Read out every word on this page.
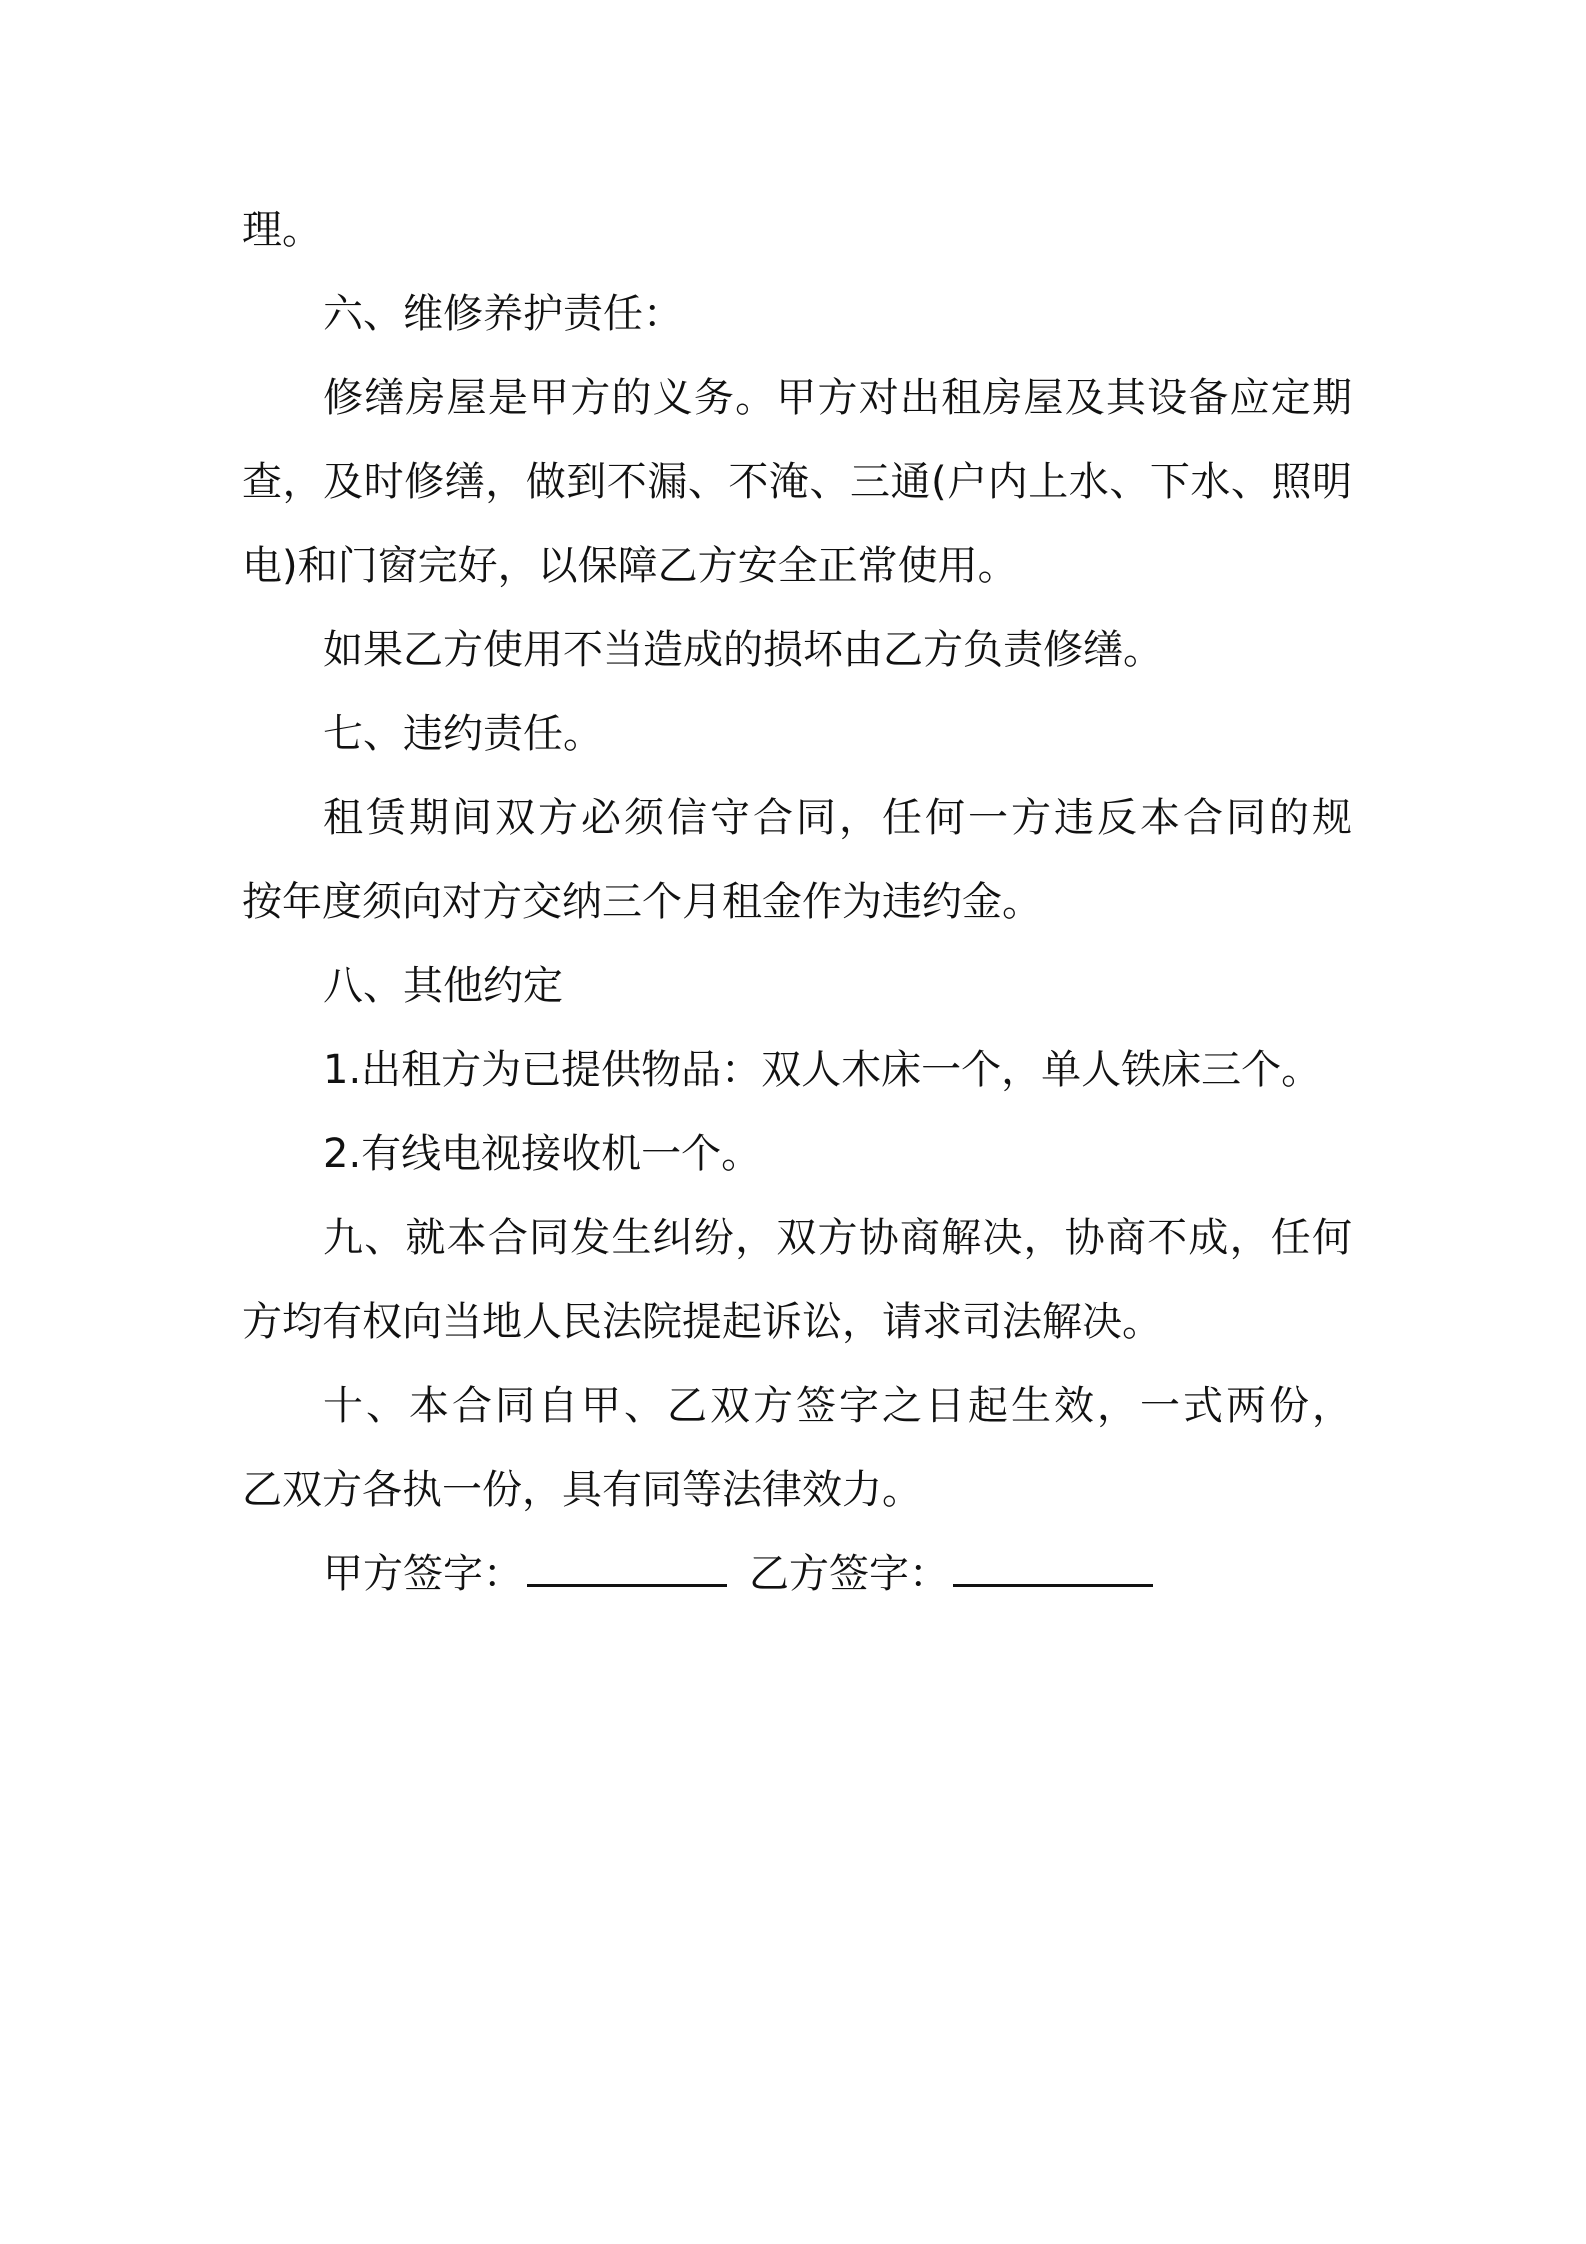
理。
六、维修养护责任：
修缮房屋是甲方的义务。甲方对出租房屋及其设备应定期
查，及时修缮，做到不漏、不淹、三通(户内上水、下水、照明
电)和门窗完好，以保障乙方安全正常使用。
如果乙方使用不当造成的损坏由乙方负责修缮。
七、违约责任。
租赁期间双方必须信守合同，任何一方违反本合同的规
按年度须向对方交纳三个月租金作为违约金。
八、其他约定
1.出租方为已提供物品：双人木床一个，单人铁床三个。
2.有线电视接收机一个。
九、就本合同发生纠纷，双方协商解决，协商不成，任何
方均有权向当地人民法院提起诉讼，请求司法解决。
十、本合同自甲、乙双方签字之日起生效，一式两份，
乙双方各执一份，具有同等法律效力。
甲方签字：	乙方签字：
